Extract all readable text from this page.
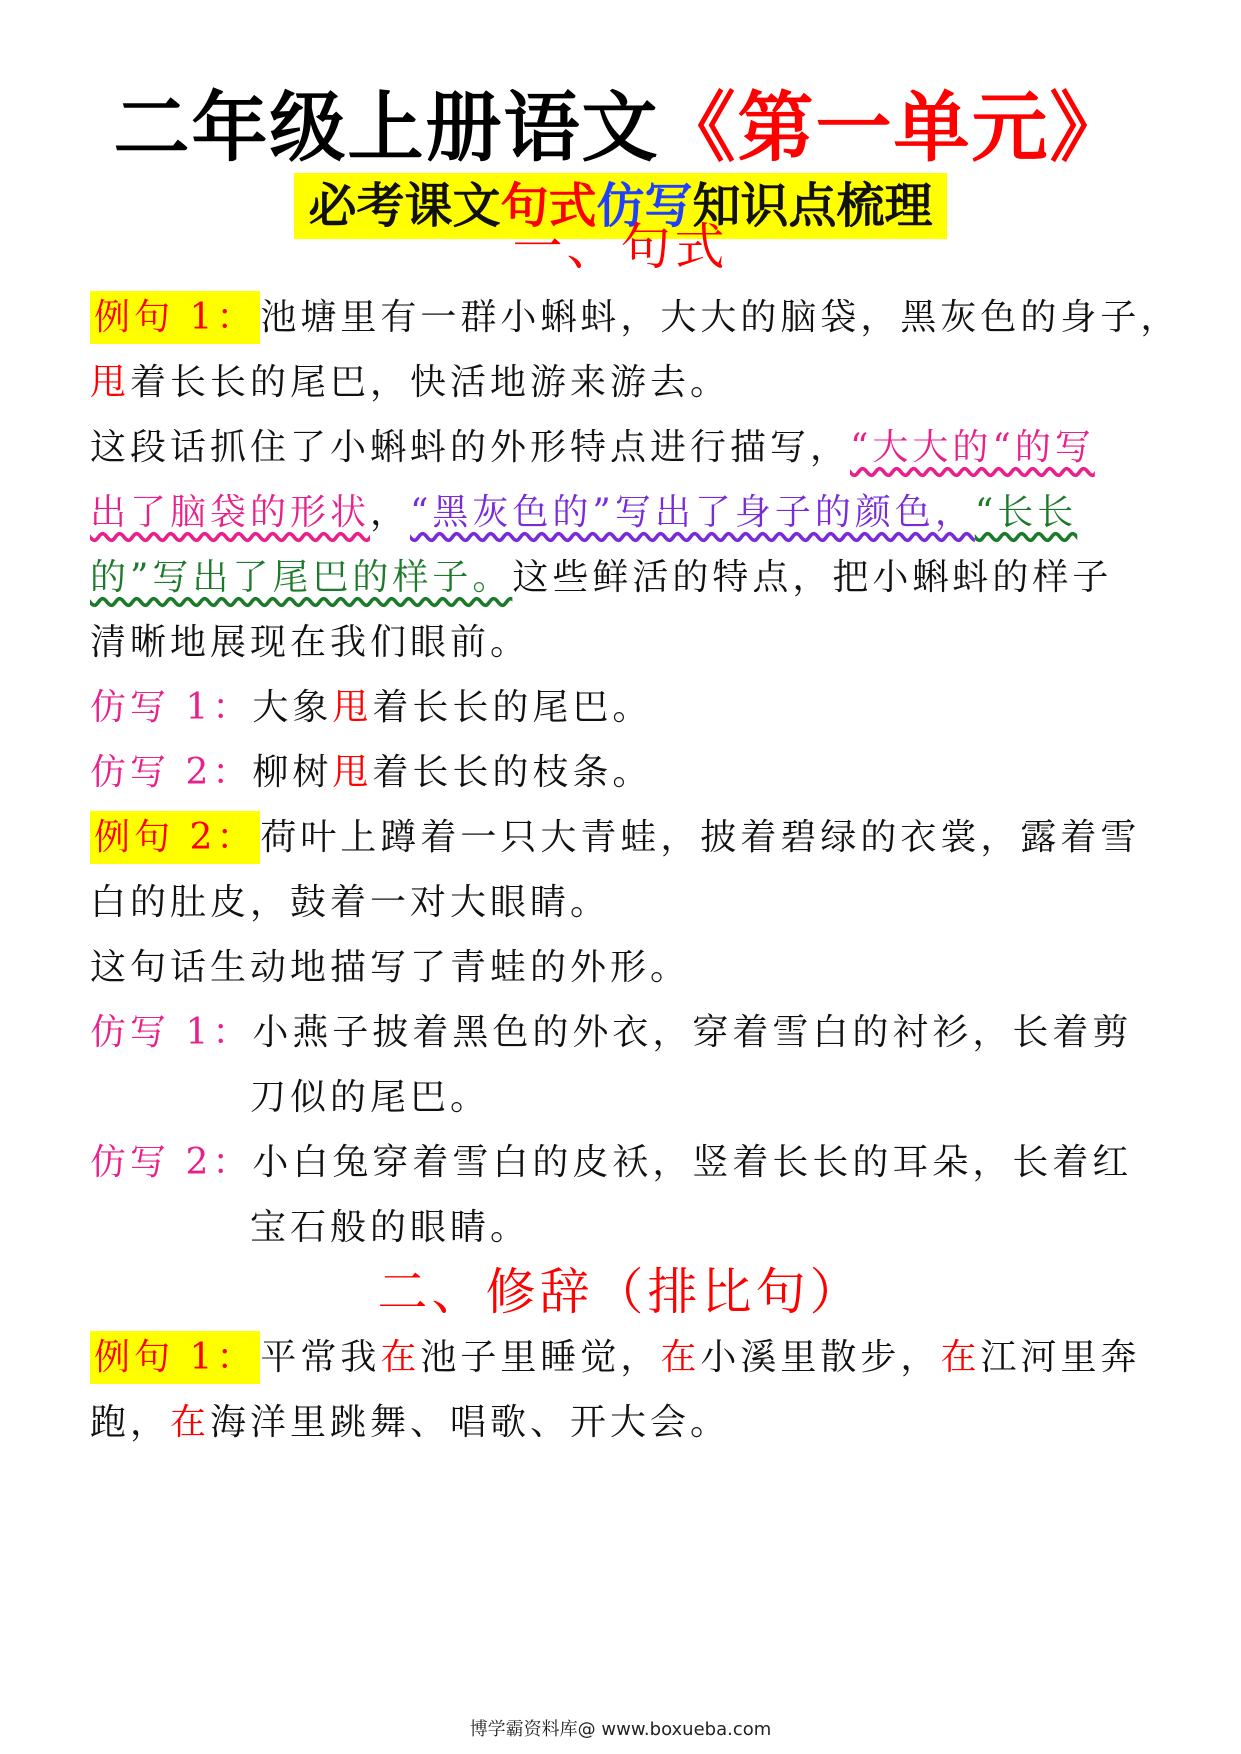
二年级上册语文《第一单元》
必考课文句式仿写知识点梳理
一、句式
例句 1： 池塘里有一群小蝌蚪，大大的脑袋，黑灰色的身子，
甩着长长的尾巴，快活地游来游去。
这段话抓住了小蝌蚪的外形特点进行描写，“大大的“的写
出了脑袋的形状，“黑灰色的”写出了身子的颜色，“长长
的”写出了尾巴的样子。这些鲜活的特点，把小蝌蚪的样子
清晰地展现在我们眼前。
仿写 1：大象甩着长长的尾巴。
仿写 2：柳树甩着长长的枝条。
例句 2： 荷叶上蹲着一只大青蛙，披着碧绿的衣裳，露着雪
白的肚皮，鼓着一对大眼睛。
这句话生动地描写了青蛙的外形。
仿写 1：小燕子披着黑色的外衣，穿着雪白的衬衫，长着剪
刀似的尾巴。
仿写 2：小白兔穿着雪白的皮袄，竖着长长的耳朵，长着红
宝石般的眼睛。
二、修辞（排比句）
例句 1： 平常我在池子里睡觉，在小溪里散步，在江河里奔
跑，在海洋里跳舞、唱歌、开大会。
博学霸资料库@ www.boxueba.com
